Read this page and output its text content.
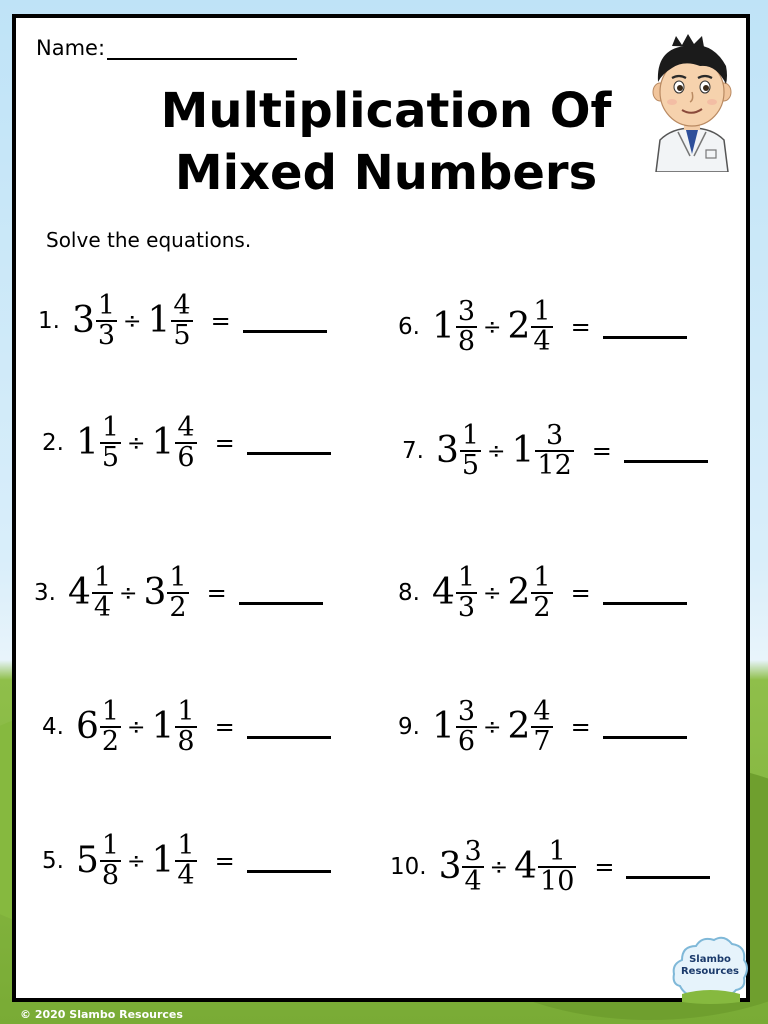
Name:
Multiplication Of
Mixed Numbers
Solve the equations.
1. $3 \frac{1}{3} \div 1 \frac{4}{5}$ =
2. $1 \frac{1}{5} \div 1 \frac{4}{6}$ =
3. $4 \frac{1}{4} \div 3 \frac{1}{2}$ =
4. $6 \frac{1}{2} \div 1 \frac{1}{8}$ =
5. $5 \frac{1}{8} \div 1 \frac{1}{4}$ =
6. $1 \frac{3}{8} \div 2 \frac{1}{4}$ =
7. $3 \frac{1}{5} \div 1 \frac{3}{12}$ =
8. $4 \frac{1}{3} \div 2 \frac{1}{2}$ =
9. $1 \frac{3}{6} \div 2 \frac{4}{7}$ =
10. $3 \frac{3}{4} \div 4 \frac{1}{10}$ =
Slambo
Resources
© 2020 Slambo Resources
